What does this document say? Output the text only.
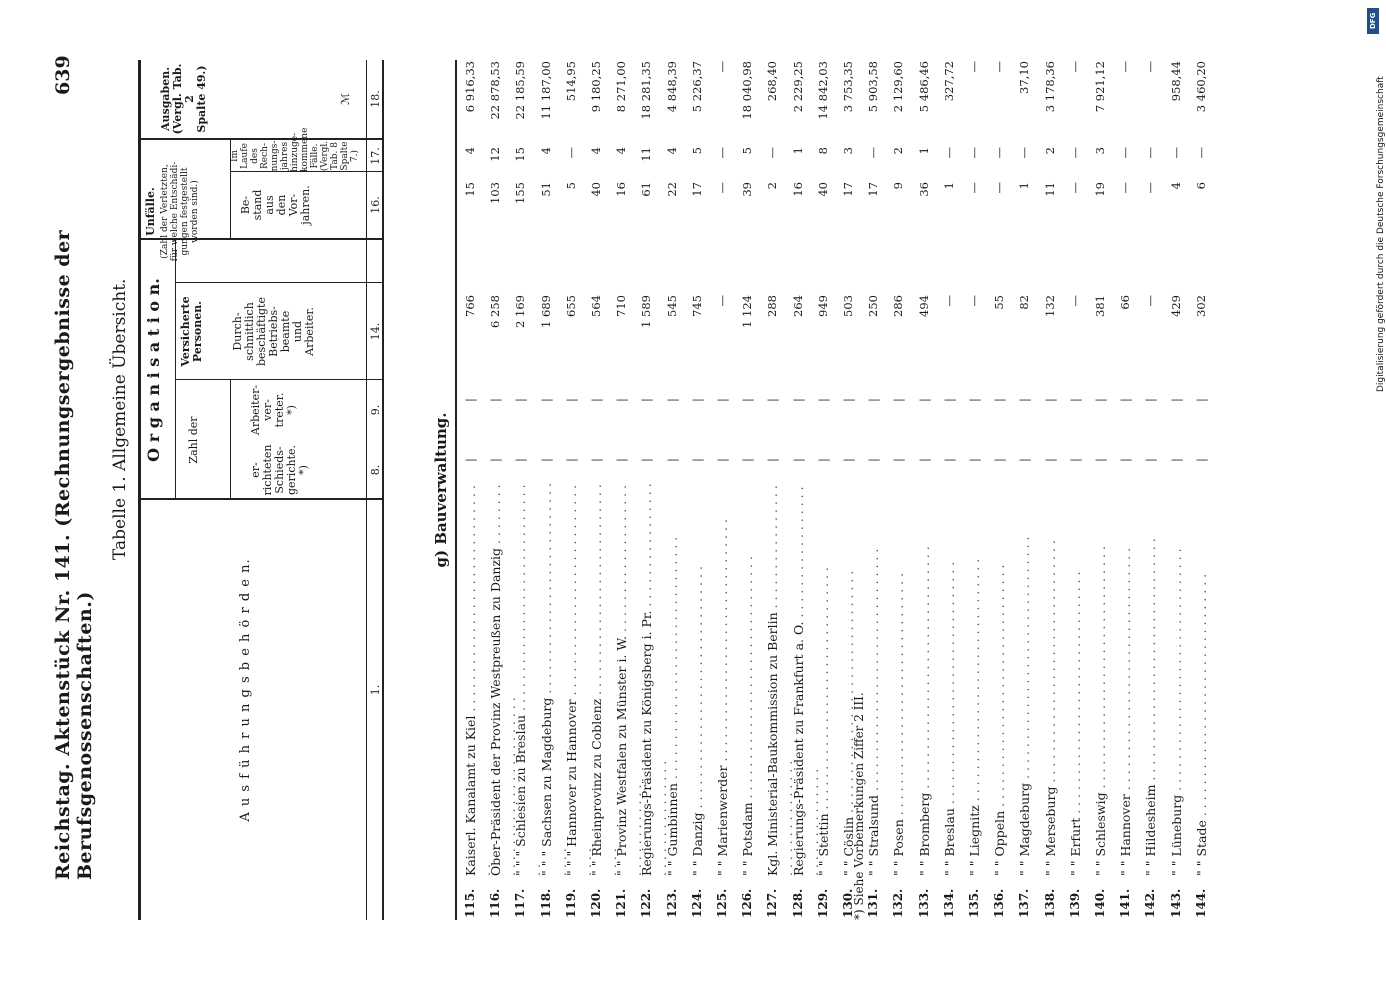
Reichstag. Aktenstück Nr. 141. (Rechnungsergebnisse der Berufsgenossenschaften.)
639
Tabelle 1. Allgemeine Übersicht.
A u s f ü h r u n g s b e h ö r d e n.
O r g a n i s a t i o n. Zahl der
er-
richteten
Schieds-
gerichte.
*)
Arbeiter-
ver-
treter.
*)
Versicherte
Personen. Durch-
schnittlich
beschäftigte
Betriebs-
beamte
und
Arbeiter.
Unfälle.
(Zahl der Verletzten,
für welche Entschädi-
gungen festgestellt
worden sind.)	Be-
stand
aus
den
Vor-
jahren.
Im Laufe
des Rech-
nungs-
jahres
hinzuge-
kommene
Fälle.
(Vergl.
Tab. 8
Spalte 7.)
Ausgaben.
(Vergl. Tab. 2
Spalte 49.)
ℳ
1.
8.
9.
14.
16.
17.
18.
g) Bauverwaltung.
115.
Kaiserl. Kanalamt zu Kiel . . .
|
|
766
15
4
6 916,33
116.
Ober-Präsident der Provinz Westpreußen zu Danzig . . .
|
|
6 258
103
12
22 878,53
117.
" " " Schlesien zu Breslau . . .
|
|
2 169
155
15
22 185,59
118.
" " " Sachsen zu Magdeburg . . .
|
|
1 689
51
4
11 187,00
119.
" " " Hannover zu Hannover . . .
|
|
655
5
—
514,95
120.
" " Rheinprovinz zu Coblenz . . .
|
|
564
40
4
9 180,25
121.
" " Provinz Westfalen zu Münster i. W. . . .
|
|
710
16
4
8 271,00
122.
Regierungs-Präsident zu Königsberg i. Pr. . . .
|
|
1 589
61
11
18 281,35
123.
" " Gumbinnen . . .
|
|
545
22
4
4 848,39
124.
" " Danzig . . .
|
|
745
17
5
5 226,37
125.
" " Marienwerder . . .
|
|
—
—
—
—
126.
" " Potsdam . . .
|
|
1 124
39
5
18 040,98
127.
Kgl. Ministerial-Baukommission zu Berlin . . .
|
|
288
2
—
268,40
128.
Regierungs-Präsident zu Frankfurt a. O. . . .
|
|
264
16
1
2 229,25
129.
" " Stettin . . .
|
|
949
40
8
14 842,03
130.
" " Cöslin . . .
|
|
503
17
3
3 753,35
131.
" " Stralsund . . .
|
|
250
17
—
5 903,58
132.
" " Posen . . .
|
|
286
9
2
2 129,60
133.
" " Bromberg . . .
|
|
494
36
1
5 486,46
134.
" " Breslau . . .
|
|
—
1
—
327,72
135.
" " Liegnitz . . .
|
|
—
—
—
—
136.
" " Oppeln . . .
|
|
55
—
—
—
137.
" " Magdeburg . . .
|
|
82
1
—
37,10
138.
" " Merseburg . . .
|
|
132
11
2
3 178,36
139.
" " Erfurt . . .
|
|
—
—
—
—
140.
" " Schleswig . . .
|
|
381
19
3
7 921,12
141.
" " Hannover . . .
|
|
66
—
—
—
142.
" " Hildesheim . . .
|
|
—
—
—
—
143.
" " Lüneburg . . .
|
|
429
4
—
958,44
144.
" " Stade . . .
|
|
302
6
—
3 460,20
*) Siehe Vorbemerkungen Ziffer 2 III.
Digitalisierung gefördert durch die Deutsche Forschungsgemeinschaft
DFG
